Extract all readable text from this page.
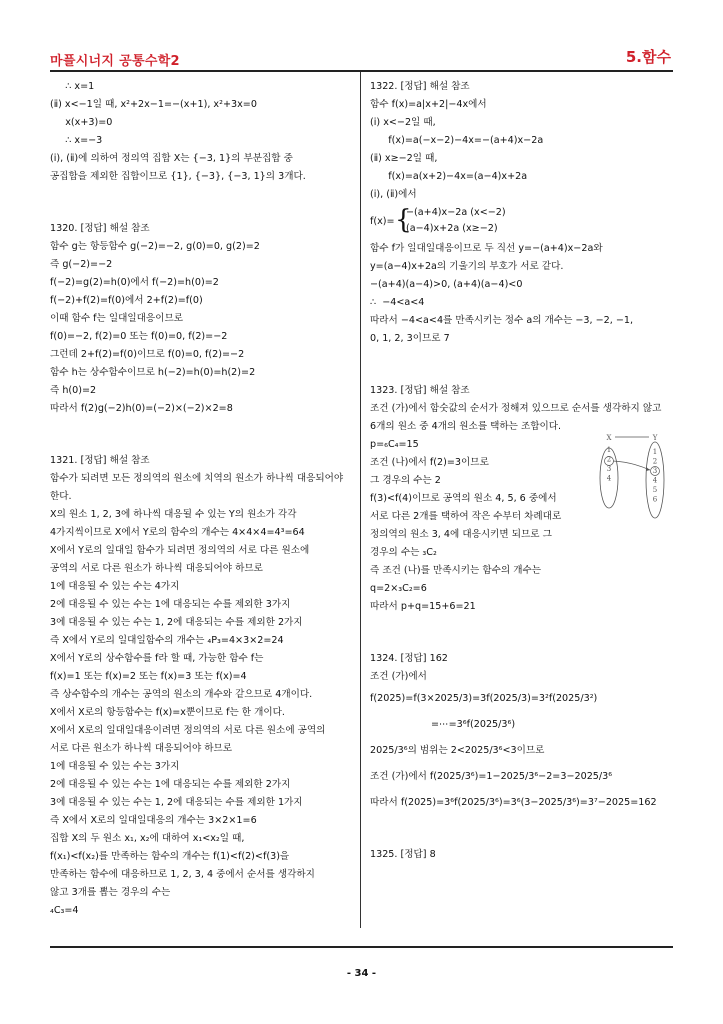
마플시너지 공통수학2	5.함수
∴ x=1
(ⅱ) x<−1일 때, x²+2x−1=−(x+1), x²+3x=0
x(x+3)=0
∴ x=−3
(ⅰ), (ⅱ)에 의하여 정의역 집합 X는 {−3, 1}의 부분집합 중
공집합을 제외한 집합이므로 {1}, {−3}, {−3, 1}의 3개다.
1320. [정답] 해설 참조
함수 g는 항등함수 g(−2)=−2, g(0)=0, g(2)=2
즉 g(−2)=−2
f(−2)=g(2)=h(0)에서 f(−2)=h(0)=2
f(−2)+f(2)=f(0)에서 2+f(2)=f(0)
이때 함수 f는 일대일대응이므로
f(0)=−2, f(2)=0 또는 f(0)=0, f(2)=−2
그런데 2+f(2)=f(0)이므로 f(0)=0, f(2)=−2
함수 h는 상수함수이므로 h(−2)=h(0)=h(2)=2
즉 h(0)=2
따라서 f(2)g(−2)h(0)=(−2)×(−2)×2=8
1321. [정답] 해설 참조
함수가 되려면 모든 정의역의 원소에 치역의 원소가 하나씩 대응되어야
한다.
X의 원소 1, 2, 3에 하나씩 대응될 수 있는 Y의 원소가 각각
4가지씩이므로 X에서 Y로의 함수의 개수는 4×4×4=4³=64
X에서 Y로의 일대일 함수가 되려면 정의역의 서로 다른 원소에
공역의 서로 다른 원소가 하나씩 대응되어야 하므로
1에 대응될 수 있는 수는 4가지
2에 대응될 수 있는 수는 1에 대응되는 수를 제외한 3가지
3에 대응될 수 있는 수는 1, 2에 대응되는 수를 제외한 2가지
즉 X에서 Y로의 일대일함수의 개수는 ₄P₃=4×3×2=24
X에서 Y로의 상수함수를 f라 할 때, 가능한 함수 f는
f(x)=1 또는 f(x)=2 또는 f(x)=3 또는 f(x)=4
즉 상수함수의 개수는 공역의 원소의 개수와 같으므로 4개이다.
X에서 X로의 항등함수는 f(x)=x뿐이므로 f는 한 개이다.
X에서 X로의 일대일대응이려면 정의역의 서로 다른 원소에 공역의
서로 다른 원소가 하나씩 대응되어야 하므로
1에 대응될 수 있는 수는 3가지
2에 대응될 수 있는 수는 1에 대응되는 수를 제외한 2가지
3에 대응될 수 있는 수는 1, 2에 대응되는 수를 제외한 1가지
즉 X에서 X로의 일대일대응의 개수는 3×2×1=6
집합 X의 두 원소 x₁, x₂에 대하여 x₁<x₂일 때,
f(x₁)<f(x₂)를 만족하는 함수의 개수는 f(1)<f(2)<f(3)을
만족하는 함수에 대응하므로 1, 2, 3, 4 중에서 순서를 생각하지
않고 3개를 뽑는 경우의 수는
₄C₃=4
1322. [정답] 해설 참조
함수 f(x)=a|x+2|−4x에서
(ⅰ) x<−2일 때,
f(x)=a(−x−2)−4x=−(a+4)x−2a
(ⅱ) x≥−2일 때,
f(x)=a(x+2)−4x=(a−4)x+2a
(ⅰ), (ⅱ)에서
f(x)= {
−(a+4)x−2a (x<−2)
(a−4)x+2a (x≥−2)
함수 f가 일대일대응이므로 두 직선 y=−(a+4)x−2a와
y=(a−4)x+2a의 기울기의 부호가 서로 같다.
−(a+4)(a−4)>0, (a+4)(a−4)<0
∴  −4<a<4
따라서 −4<a<4를 만족시키는 정수 a의 개수는 −3, −2, −1,
0, 1, 2, 3이므로 7
1323. [정답] 해설 참조
조건 (가)에서 함숫값의 순서가 정해져 있으므로 순서를 생각하지 않고
6개의 원소 중 4개의 원소를 택하는 조합이다.
p=₆C₄=15
조건 (나)에서 f(2)=3이므로
그 경우의 수는 2
f(3)<f(4)이므로 공역의 원소 4, 5, 6 중에서
서로 다른 2개를 택하여 작은 수부터 차례대로
정의역의 원소 3, 4에 대응시키면 되므로 그
경우의 수는 ₃C₂
즉 조건 (나)를 만족시키는 함수의 개수는
q=2×₃C₂=6
따라서 p+q=15+6=21
1324. [정답] 162
조건 (가)에서
f(2025)=f(3×2025/3)=3f(2025/3)=3²f(2025/3²)
=⋯=3⁶f(2025/3⁶)
2025/3⁶의 범위는 2<2025/3⁶<3이므로
조건 (가)에서 f(2025/3⁶)=1−2025/3⁶−2=3−2025/3⁶
따라서 f(2025)=3⁶f(2025/3⁶)=3⁶(3−2025/3⁶)=3⁷−2025=162
1325. [정답] 8
X	Y
1
2
3
4
1
2
3
4
5
6
- 34 -
